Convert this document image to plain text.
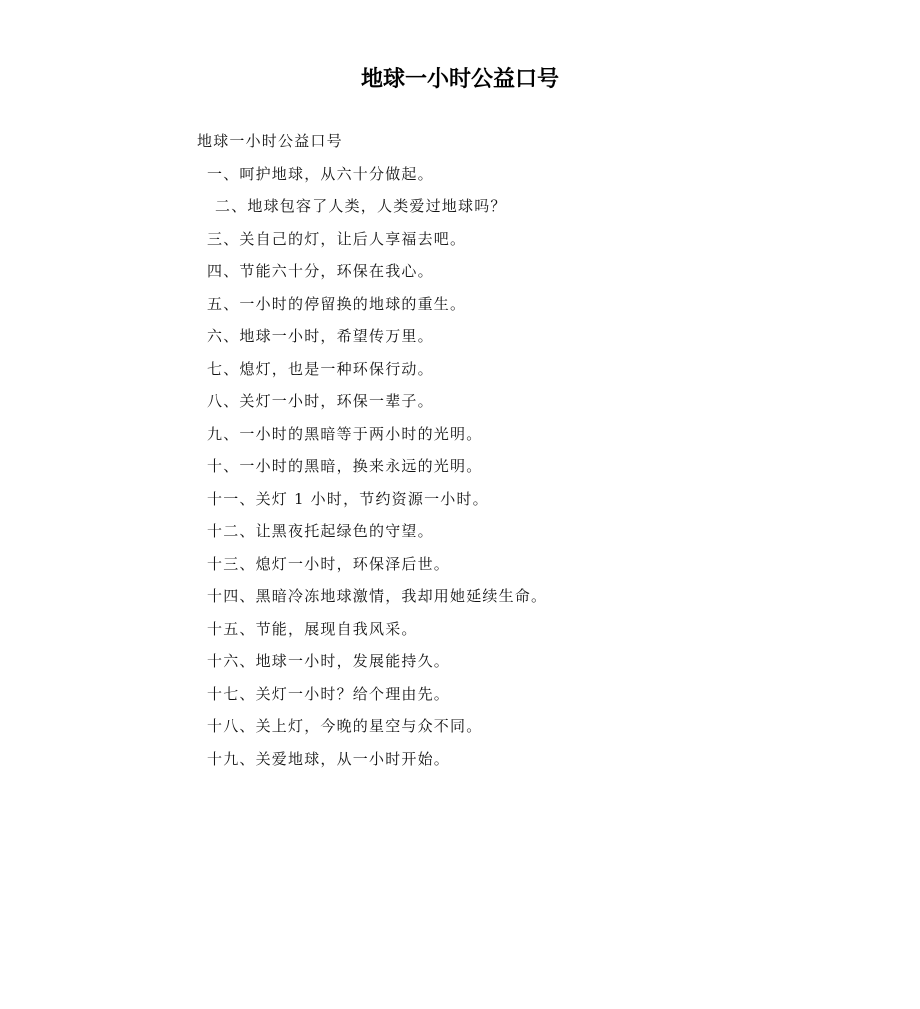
地球一小时公益口号
地球一小时公益口号
一、呵护地球，从六十分做起。
二、地球包容了人类，人类爱过地球吗？
三、关自己的灯，让后人享福去吧。
四、节能六十分，环保在我心。
五、一小时的停留换的地球的重生。
六、地球一小时，希望传万里。
七、熄灯，也是一种环保行动。
八、关灯一小时，环保一辈子。
九、一小时的黑暗等于两小时的光明。
十、一小时的黑暗，换来永远的光明。
十一、关灯 1 小时，节约资源一小时。
十二、让黑夜托起绿色的守望。
十三、熄灯一小时，环保泽后世。
十四、黑暗冷冻地球激情，我却用她延续生命。
十五、节能，展现自我风采。
十六、地球一小时，发展能持久。
十七、关灯一小时？给个理由先。
十八、关上灯，今晚的星空与众不同。
十九、关爱地球，从一小时开始。
